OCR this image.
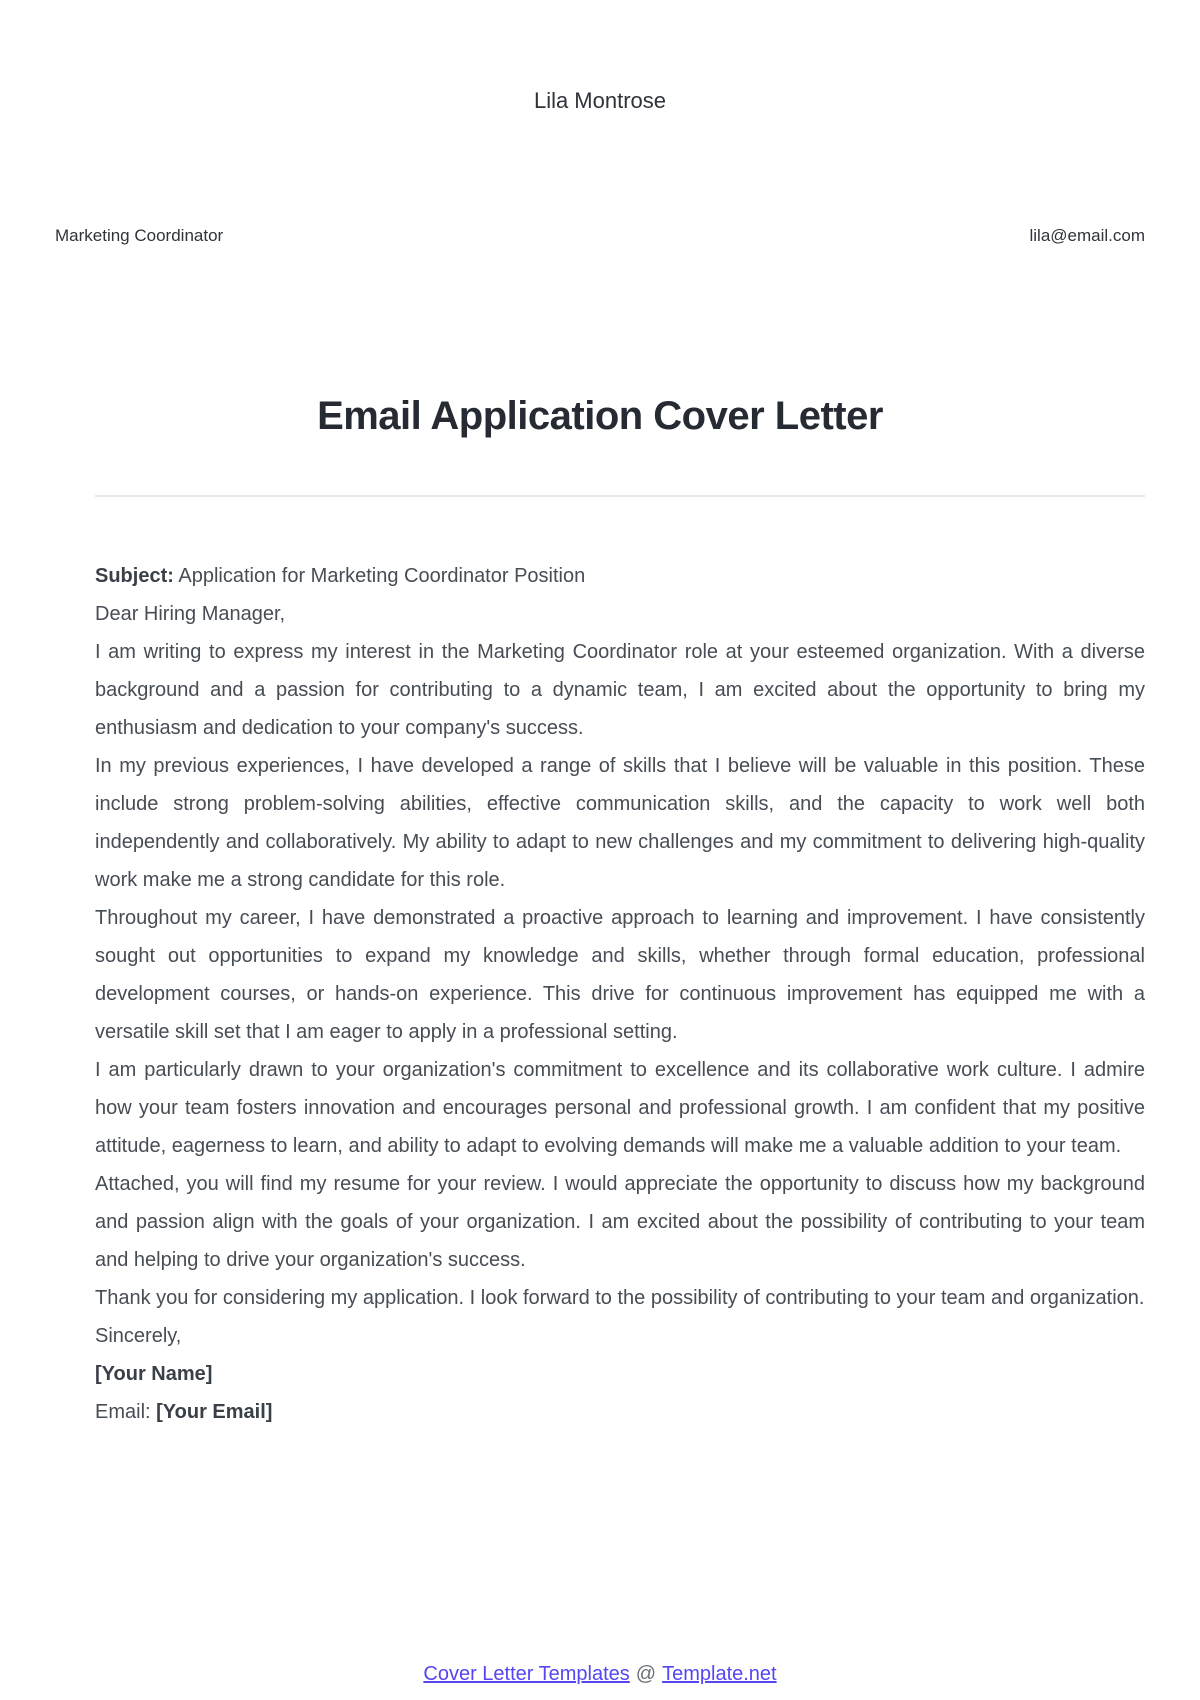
Lila Montrose
Marketing Coordinator	lila@email.com
Email Application Cover Letter

Subject: Application for Marketing Coordinator Position

Dear Hiring Manager,

I am writing to express my interest in the Marketing Coordinator role at your esteemed organization. With a diverse background and a passion for contributing to a dynamic team, I am excited about the opportunity to bring my enthusiasm and dedication to your company's success.

In my previous experiences, I have developed a range of skills that I believe will be valuable in this position. These include strong problem-solving abilities, effective communication skills, and the capacity to work well both independently and collaboratively. My ability to adapt to new challenges and my commitment to delivering high-quality work make me a strong candidate for this role.

Throughout my career, I have demonstrated a proactive approach to learning and improvement. I have consistently sought out opportunities to expand my knowledge and skills, whether through formal education, professional development courses, or hands-on experience. This drive for continuous improvement has equipped me with a versatile skill set that I am eager to apply in a professional setting.

I am particularly drawn to your organization's commitment to excellence and its collaborative work culture. I admire how your team fosters innovation and encourages personal and professional growth. I am confident that my positive attitude, eagerness to learn, and ability to adapt to evolving demands will make me a valuable addition to your team.

Attached, you will find my resume for your review. I would appreciate the opportunity to discuss how my background and passion align with the goals of your organization. I am excited about the possibility of contributing to your team and helping to drive your organization's success.

Thank you for considering my application. I look forward to the possibility of contributing to your team and organization.

Sincerely,

[Your Name]

Email: [Your Email]

Cover Letter Templates @ Template.net
